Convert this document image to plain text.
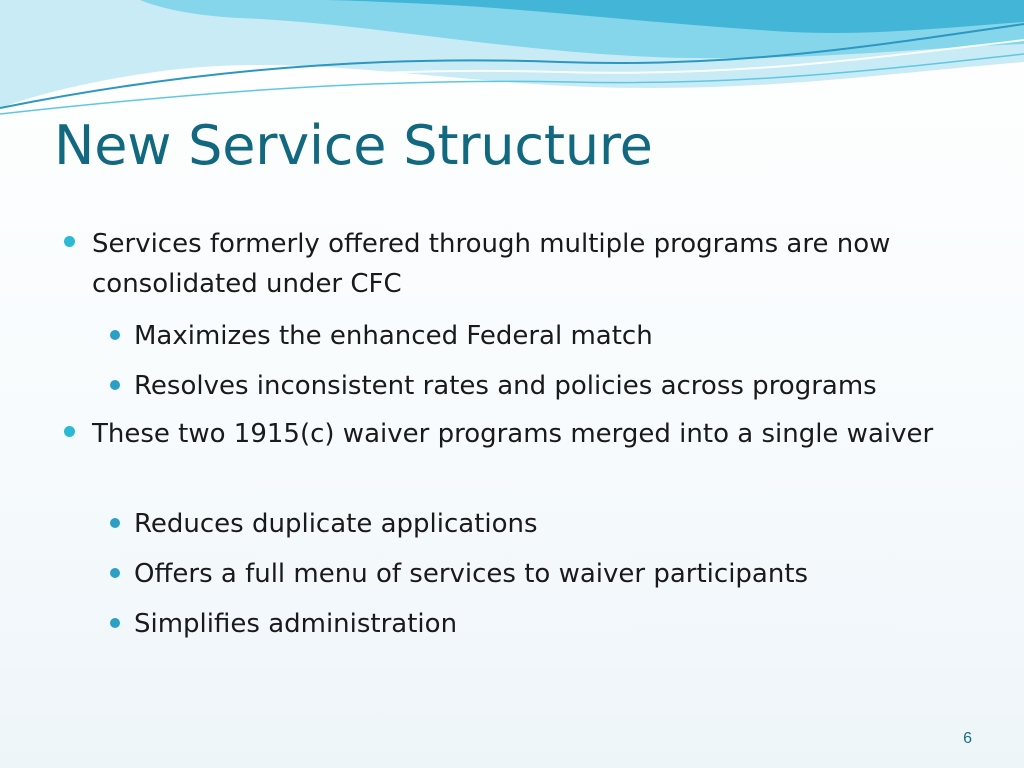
New Service Structure
Services formerly offered through multiple programs are now consolidated under CFC
Maximizes the enhanced Federal match
Resolves inconsistent rates and policies across programs
These two 1915(c) waiver programs merged into a single waiver
Reduces duplicate applications
Offers a full menu of services to waiver participants
Simplifies administration
6
